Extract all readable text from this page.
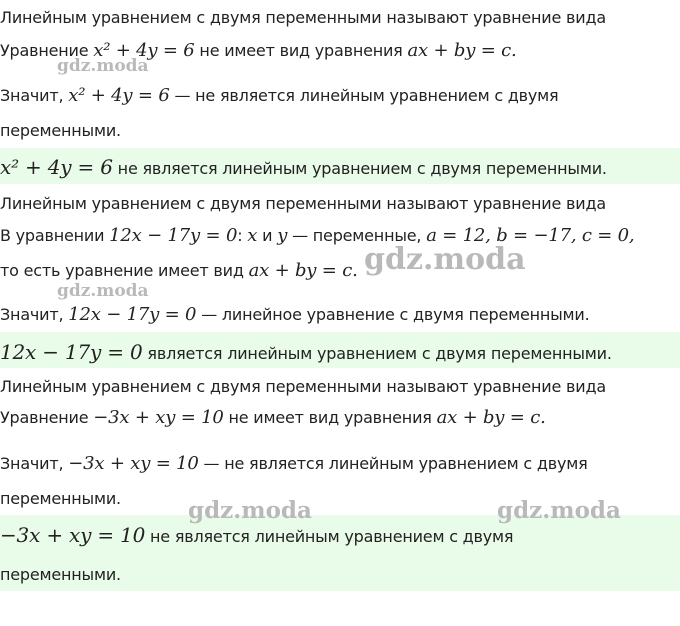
Линейным уравнением с двумя переменными называют уравнение вида
Уравнение x² + 4y = 6 не имеет вид уравнения ax + by = c.
Значит, x² + 4y = 6 — не является линейным уравнением с двумя
переменными.
x² + 4y = 6 не является линейным уравнением с двумя переменными.
Линейным уравнением с двумя переменными называют уравнение вида
В уравнении 12x − 17y = 0: x и y — переменные, a = 12, b = −17, c = 0,
то есть уравнение имеет вид ax + by = c.
Значит, 12x − 17y = 0 — линейное уравнение с двумя переменными.
12x − 17y = 0 является линейным уравнением с двумя переменными.
Линейным уравнением с двумя переменными называют уравнение вида
Уравнение −3x + xy = 10 не имеет вид уравнения ax + by = c.
Значит, −3x + xy = 10 — не является линейным уравнением с двумя
переменными.
−3x + xy = 10 не является линейным уравнением с двумя
переменными.
gdz.moda
gdz.moda
gdz.moda
gdz.moda	gdz.moda
